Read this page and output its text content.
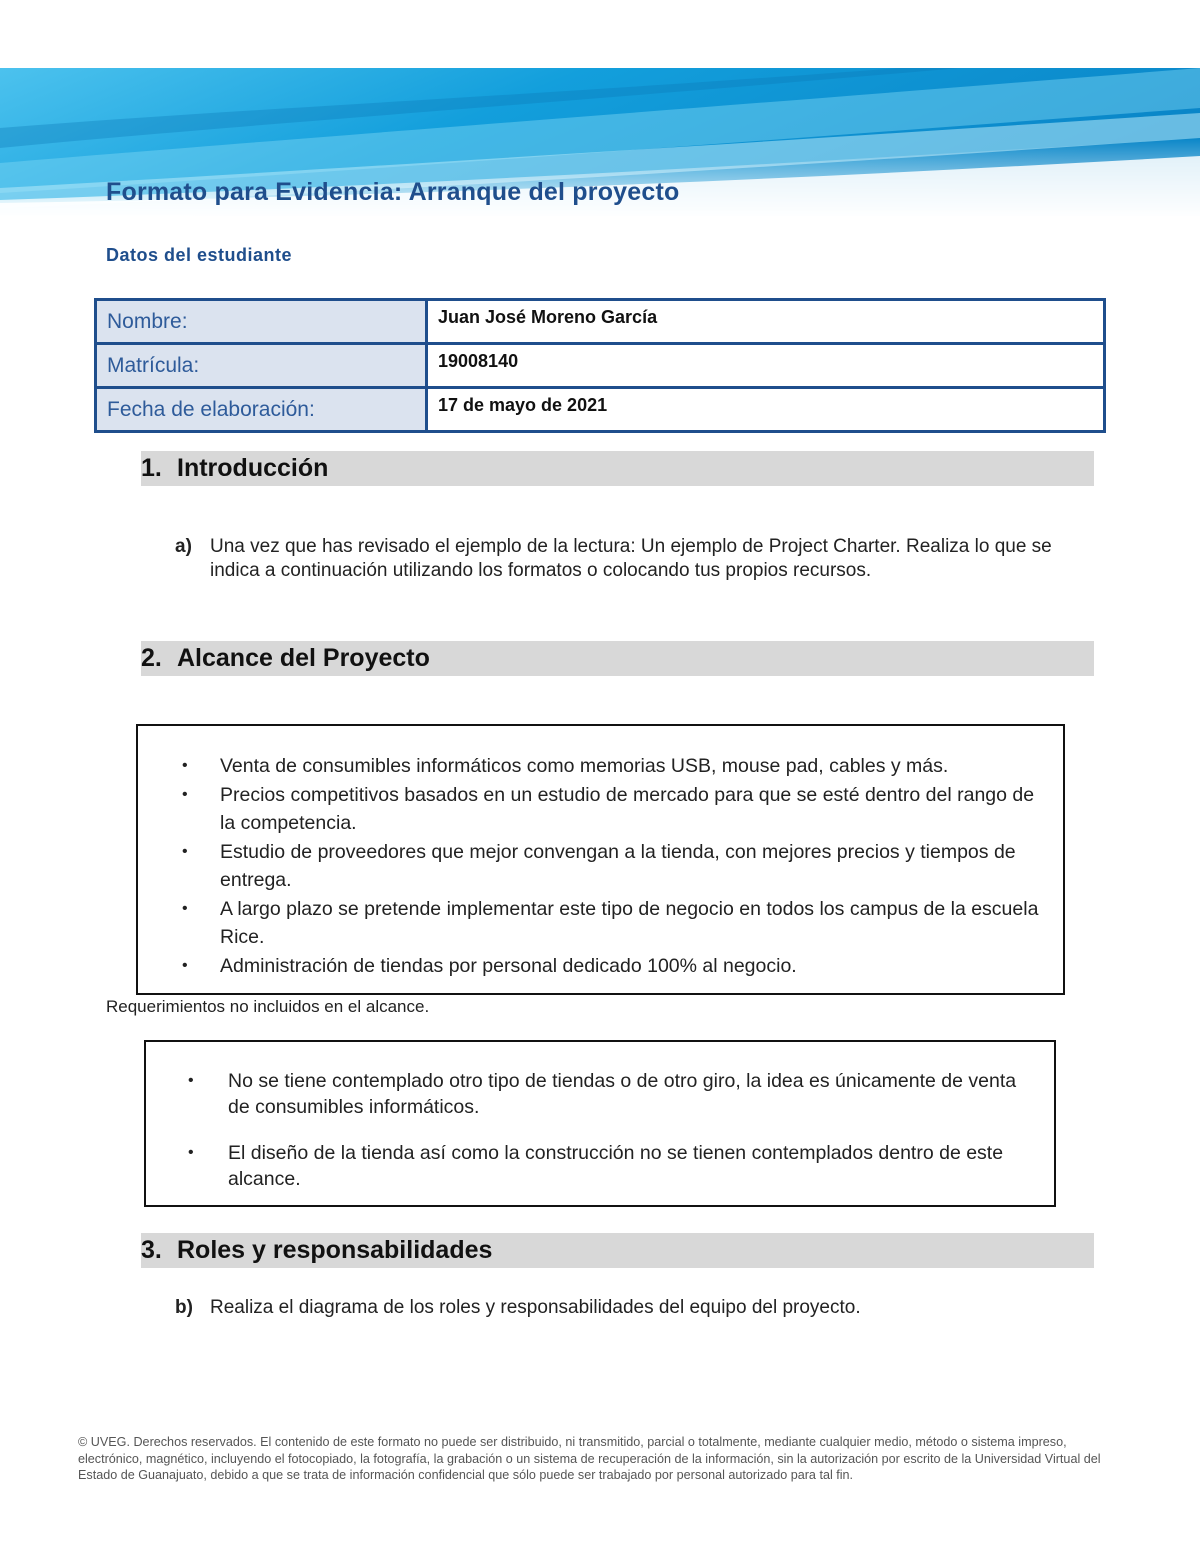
Formato para Evidencia: Arranque del proyecto
Datos del estudiante
Nombre:	Juan José Moreno García
Matrícula:	19008140
Fecha de elaboración:	17 de mayo de 2021
1. Introducción
a) Una vez que has revisado el ejemplo de la lectura: Un ejemplo de Project Charter. Realiza lo que se indica a continuación utilizando los formatos o colocando tus propios recursos.
2. Alcance del Proyecto
• Venta de consumibles informáticos como memorias USB, mouse pad, cables y más.
• Precios competitivos basados en un estudio de mercado para que se esté dentro del rango de la competencia.
• Estudio de proveedores que mejor convengan a la tienda, con mejores precios y tiempos de entrega.
• A largo plazo se pretende implementar este tipo de negocio en todos los campus de la escuela Rice.
• Administración de tiendas por personal dedicado 100% al negocio.
Requerimientos no incluidos en el alcance.
• No se tiene contemplado otro tipo de tiendas o de otro giro, la idea es únicamente de venta de consumibles informáticos.
• El diseño de la tienda así como la construcción no se tienen contemplados dentro de este alcance.
3. Roles y responsabilidades
b) Realiza el diagrama de los roles y responsabilidades del equipo del proyecto.

© UVEG. Derechos reservados. El contenido de este formato no puede ser distribuido, ni transmitido, parcial o totalmente, mediante cualquier medio, método o sistema impreso, electrónico, magnético, incluyendo el fotocopiado, la fotografía, la grabación o un sistema de recuperación de la información, sin la autorización por escrito de la Universidad Virtual del Estado de Guanajuato, debido a que se trata de información confidencial que sólo puede ser trabajado por personal autorizado para tal fin.
